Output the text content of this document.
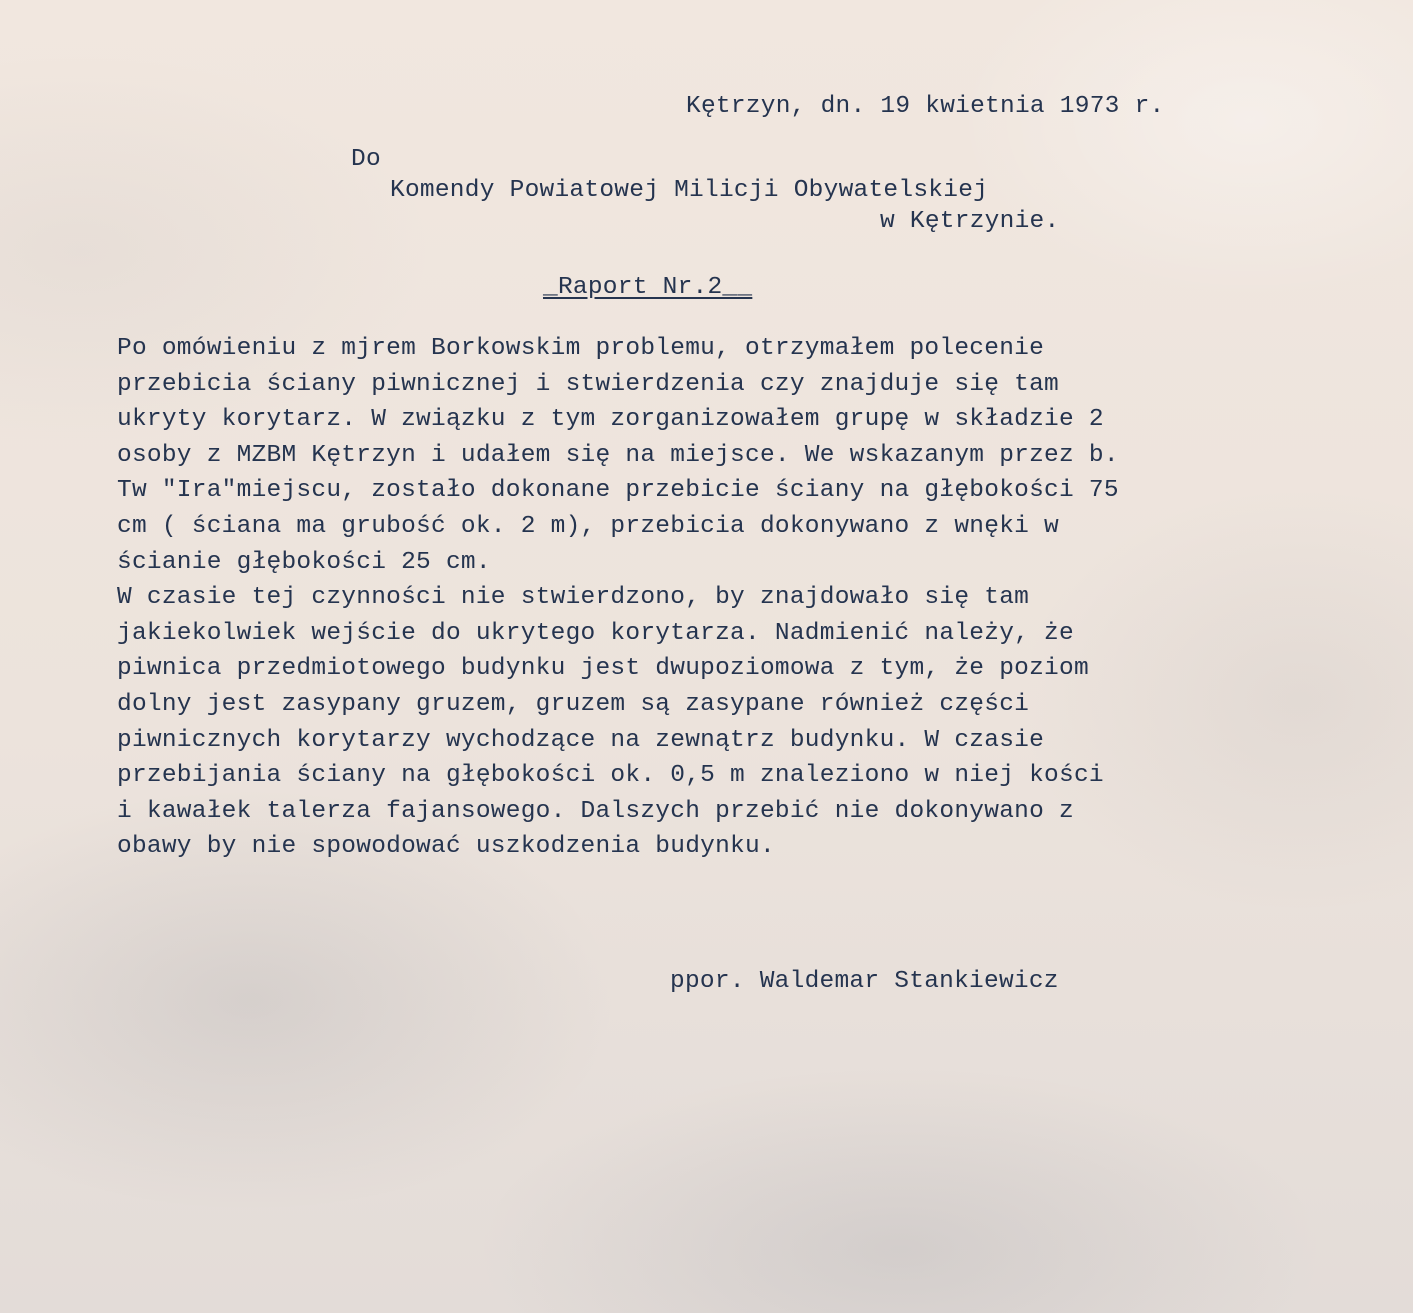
Kętrzyn, dn. 19 kwietnia 1973 r.

Do

Komendy Powiatowej Milicji Obywatelskiej

w Kętrzynie.

_Raport Nr.2__

Po omówieniu z mjrem Borkowskim problemu, otrzymałem polecenie
przebicia ściany piwnicznej i stwierdzenia czy znajduje się tam
ukryty korytarz. W związku z tym zorganizowałem grupę w składzie 2
osoby z MZBM Kętrzyn i udałem się na miejsce. We wskazanym przez b.
Tw "Ira"miejscu, zostało dokonane przebicie ściany na głębokości 75
cm ( ściana ma grubość ok. 2 m), przebicia dokonywano z wnęki w
ścianie głębokości 25 cm.
W czasie tej czynności nie stwierdzono, by znajdowało się tam
jakiekolwiek wejście do ukrytego korytarza. Nadmienić należy, że
piwnica przedmiotowego budynku jest dwupoziomowa z tym, że poziom
dolny jest zasypany gruzem, gruzem są zasypane również części
piwnicznych korytarzy wychodzące na zewnątrz budynku. W czasie
przebijania ściany na głębokości ok. 0,5 m znaleziono w niej kości
i kawałek talerza fajansowego. Dalszych przebić nie dokonywano z
obawy by nie spowodować uszkodzenia budynku.

ppor. Waldemar Stankiewicz
